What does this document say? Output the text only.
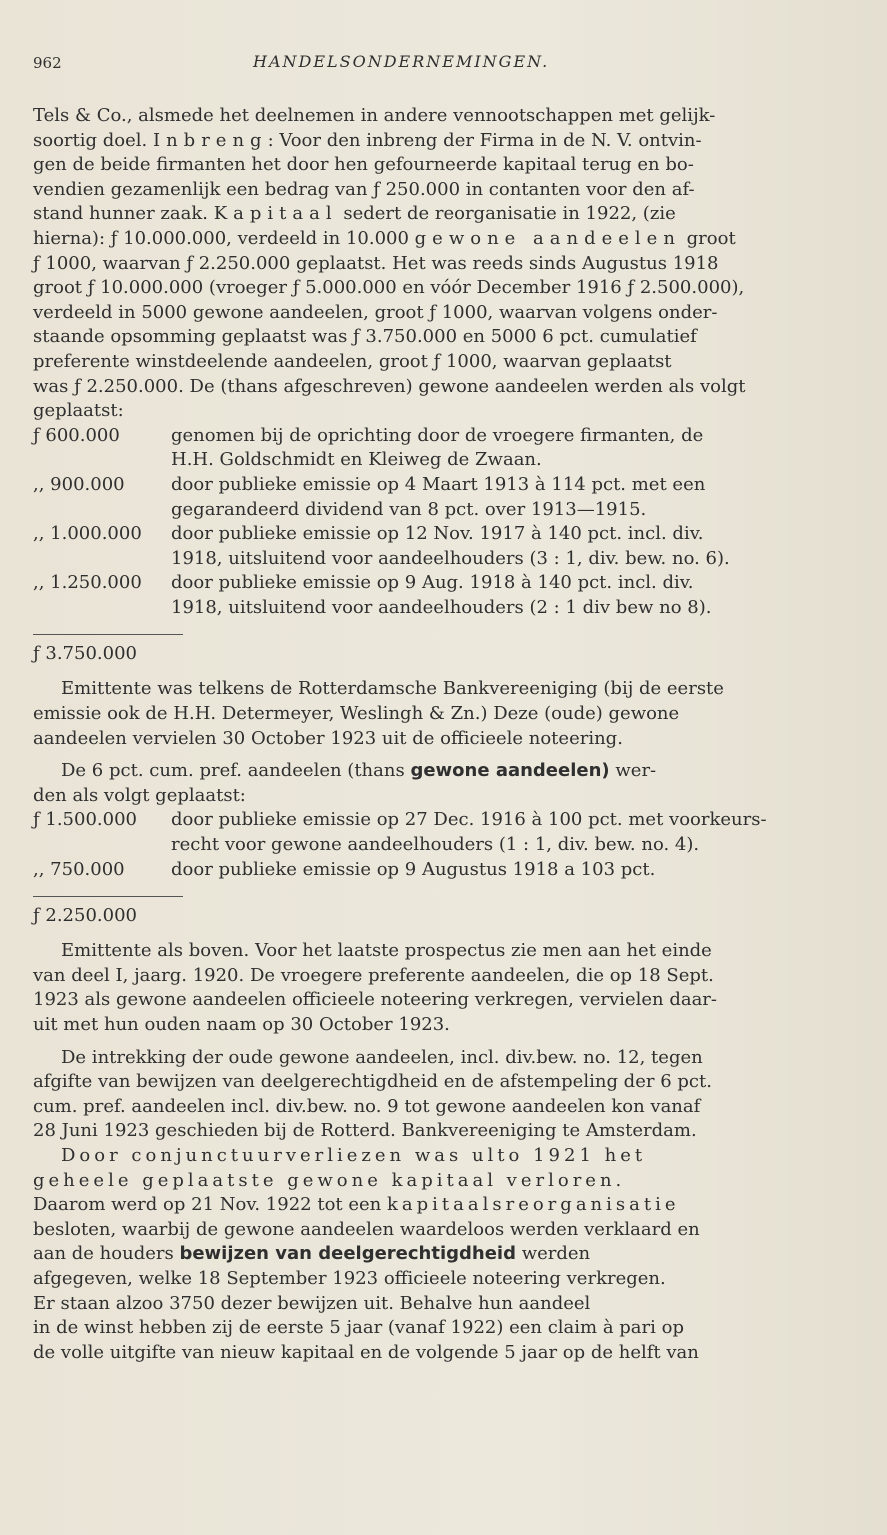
962	HANDELSONDERNEMINGEN.

Tels & Co., alsmede het deelnemen in andere vennootschappen met gelijk-
soortig doel. Inbreng: Voor den inbreng der Firma in de N. V. ontvin-
gen de beide firmanten het door hen gefourneerde kapitaal terug en bo-
vendien gezamenlijk een bedrag van ƒ 250.000 in contanten voor den af-
stand hunner zaak. Kapitaal sedert de reorganisatie in 1922, (zie
hierna): ƒ 10.000.000, verdeeld in 10.000 gewone aandeelen groot
ƒ 1000, waarvan ƒ 2.250.000 geplaatst. Het was reeds sinds Augustus 1918
groot ƒ 10.000.000 (vroeger ƒ 5.000.000 en vóór December 1916 ƒ 2.500.000),
verdeeld in 5000 gewone aandeelen, groot ƒ 1000, waarvan volgens onder-
staande opsomming geplaatst was ƒ 3.750.000 en 5000 6 pct. cumulatief
preferente winstdeelende aandeelen, groot ƒ 1000, waarvan geplaatst
was ƒ 2.250.000. De (thans afgeschreven) gewone aandeelen werden als volgt
geplaatst:

ƒ 600.000	genomen bij de oprichting door de vroegere firmanten, de
H.H. Goldschmidt en Kleiweg de Zwaan.
,, 900.000	door publieke emissie op 4 Maart 1913 à 114 pct. met een
gegarandeerd dividend van 8 pct. over 1913—1915.
,, 1.000.000	door publieke emissie op 12 Nov. 1917 à 140 pct. incl. div.
1918, uitsluitend voor aandeelhouders (3 : 1, div. bew. no. 6).
,, 1.250.000	door publieke emissie op 9 Aug. 1918 à 140 pct. incl. div.
1918, uitsluitend voor aandeelhouders (2 : 1 div bew no 8).
ƒ 3.750.000

Emittente was telkens de Rotterdamsche Bankvereeniging (bij de eerste
emissie ook de H.H. Determeyer, Weslingh & Zn.) Deze (oude) gewone
aandeelen vervielen 30 October 1923 uit de officieele noteering.

De 6 pct. cum. pref. aandeelen (thans gewone aandeelen) wer-
den als volgt geplaatst:

ƒ 1.500.000	door publieke emissie op 27 Dec. 1916 à 100 pct. met voorkeurs-
recht voor gewone aandeelhouders (1 : 1, div. bew. no. 4).
,, 750.000	door publieke emissie op 9 Augustus 1918 a 103 pct.
ƒ 2.250.000

Emittente als boven. Voor het laatste prospectus zie men aan het einde
van deel I, jaarg. 1920. De vroegere preferente aandeelen, die op 18 Sept.
1923 als gewone aandeelen officieele noteering verkregen, vervielen daar-
uit met hun ouden naam op 30 October 1923.

De intrekking der oude gewone aandeelen, incl. div.bew. no. 12, tegen
afgifte van bewijzen van deelgerechtigdheid en de afstempeling der 6 pct.
cum. pref. aandeelen incl. div.bew. no. 9 tot gewone aandeelen kon vanaf
28 Juni 1923 geschieden bij de Rotterd. Bankvereeniging te Amsterdam.

Door conjunctuurverliezen was ulto 1921 het
geheele geplaatste gewone kapitaal verloren.
Daarom werd op 21 Nov. 1922 tot een kapitaalsreorganisatie
besloten, waarbij de gewone aandeelen waardeloos werden verklaard en
aan de houders bewijzen van deelgerechtigdheid werden
afgegeven, welke 18 September 1923 officieele noteering verkregen.
Er staan alzoo 3750 dezer bewijzen uit. Behalve hun aandeel
in de winst hebben zij de eerste 5 jaar (vanaf 1922) een claim à pari op
de volle uitgifte van nieuw kapitaal en de volgende 5 jaar op de helft van
